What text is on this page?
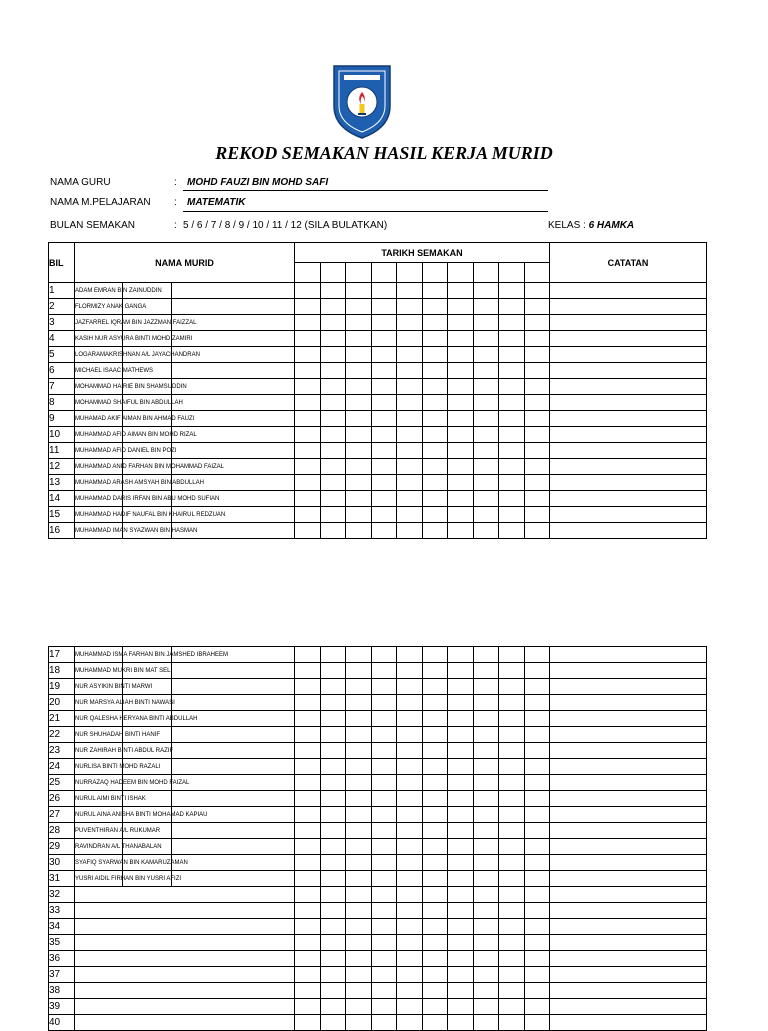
REKOD SEMAKAN HASIL KERJA MURID
NAMA GURU	: MOHD FAUZI BIN MOHD SAFI
NAMA M.PELAJARAN : MATEMATIK
BULAN SEMAKAN	: 5 / 6 / 7 / 8 / 9 / 10 / 11 / 12 (SILA BULATKAN)	KELAS : 6 HAMKA
BIL	NAMA MURID	TARIKH SEMAKAN										CATATAN

1	ADAM EMRAN BIN ZAINUDDIN

2	FLORMIZY ANAK GANGA

3	JAZFARREL IQRAM BIN JAZZMAN FAIZZAL

4	KASIH NUR ASYURA BINTI MOHD ZAMIRI

5	LOGARAMAKRISHNAN A/L JAYACHANDRAN

6	MICHAEL ISAAC MATHEWS

7	MOHAMMAD HAIRIE BIN SHAMSUDDIN

8	MOHAMMAD SHAIFUL BIN ABDULLAH

9	MUHAMAD AKIF AIMAN BIN AHMAD FAUZI

10	MUHAMMAD AFID AIMAN BIN MOHD RIZAL

11	MUHAMMAD AFID DANIEL BIN POZI

12	MUHAMMAD ANID FARHAN BIN MOHAMMAD FAIZAL

13	MUHAMMAD ARASH AMSYAH BIN ABDULLAH

14	MUHAMMAD DARIS IRFAN BIN ABU MOHD SUFIAN

15	MUHAMMAD HADIF NAUFAL BIN KHAIRUL REDZUAN

16	MUHAMMAD IMAN SYAZWAN BIN HASMAN

17	MUHAMMAD ISMA FARHAN BIN JAMSHED IBRAHEEM

18	MUHAMMAD MUKRI BIN MAT SELI

19	NUR ASYIKIN BINTI MARWI

20	NUR MARSYA ALIAH BINTI NAWASI

21	NUR QALESHA HERYANA BINTI ABDULLAH

22	NUR SHUHADAH BINTI HANIF

23	NUR ZAHIRAH BINTI ABDUL RAZIF

24	NURLISA BINTI MOHD RAZALI

25	NURRAZAQ HADEEM BIN MOHD FAIZAL

26	NURUL AIMI BINTI ISHAK

27	NURUL AINA ANISHA BINTI MOHAMAD KAPIAU

28	PUVENTHIRAN A/L RUKUMAR

29	RAVINDRAN A/L THANABALAN

30	SYAFIQ SYARWAN BIN KAMARUZAMAN

31	YUSRI AIDIL FIRHAN BIN YUSRI AFIZI

32												
33												
34												
35												
36												
37												
38												
39												
40												
